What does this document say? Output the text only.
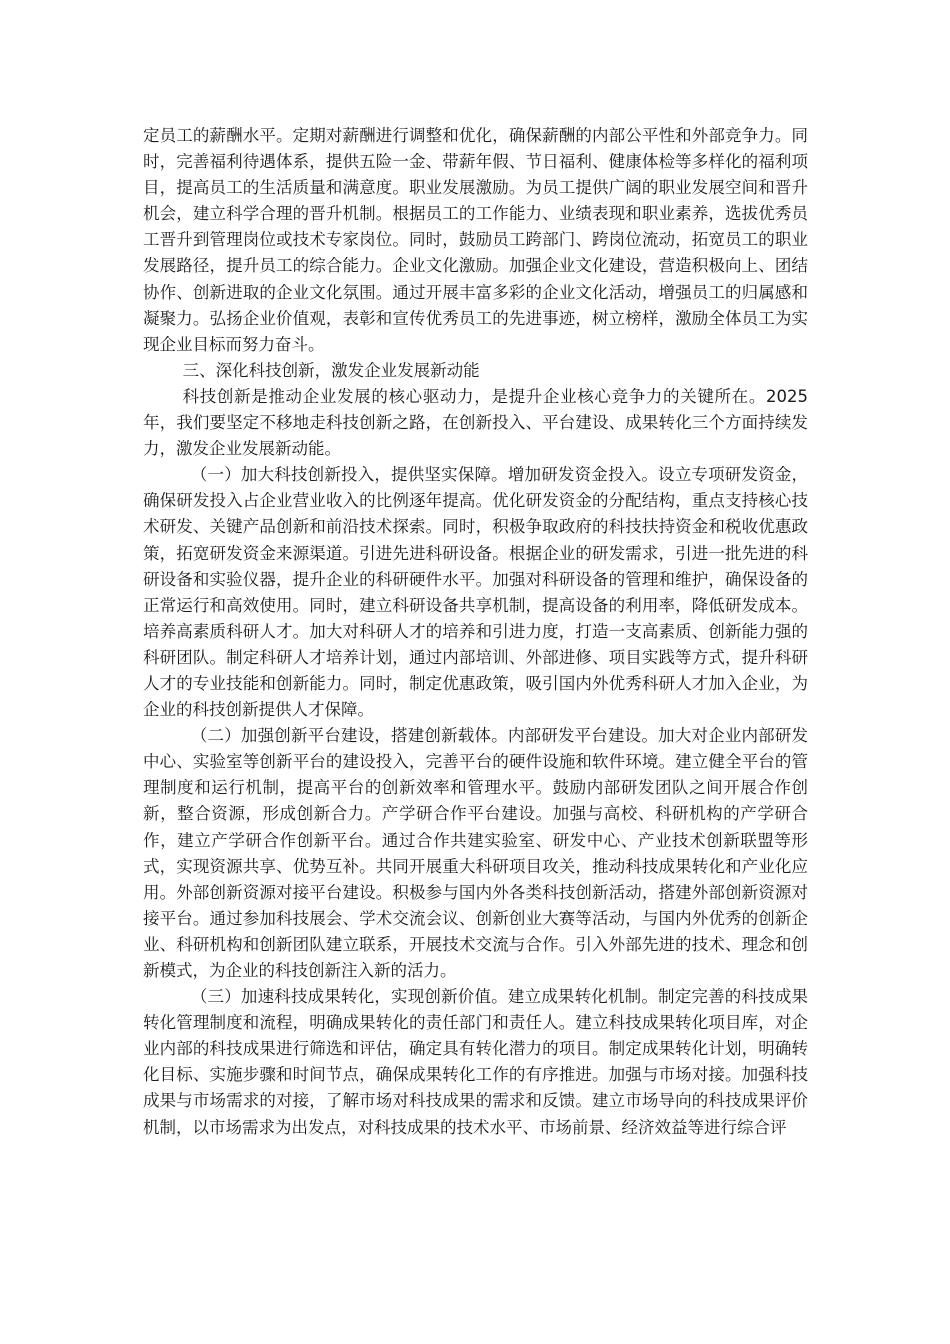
定员工的薪酬水平。定期对薪酬进行调整和优化，确保薪酬的内部公平性和外部竞争力。同时，完善福利待遇体系，提供五险一金、带薪年假、节日福利、健康体检等多样化的福利项目，提高员工的生活质量和满意度。职业发展激励。为员工提供广阔的职业发展空间和晋升机会，建立科学合理的晋升机制。根据员工的工作能力、业绩表现和职业素养，选拔优秀员工晋升到管理岗位或技术专家岗位。同时，鼓励员工跨部门、跨岗位流动，拓宽员工的职业发展路径，提升员工的综合能力。企业文化激励。加强企业文化建设，营造积极向上、团结协作、创新进取的企业文化氛围。通过开展丰富多彩的企业文化活动，增强员工的归属感和凝聚力。弘扬企业价值观，表彰和宣传优秀员工的先进事迹，树立榜样，激励全体员工为实现企业目标而努力奋斗。

三、深化科技创新，激发企业发展新动能

科技创新是推动企业发展的核心驱动力，是提升企业核心竞争力的关键所在。2025 年，我们要坚定不移地走科技创新之路，在创新投入、平台建设、成果转化三个方面持续发力，激发企业发展新动能。

（一）加大科技创新投入，提供坚实保障。增加研发资金投入。设立专项研发资金，确保研发投入占企业营业收入的比例逐年提高。优化研发资金的分配结构，重点支持核心技术研发、关键产品创新和前沿技术探索。同时，积极争取政府的科技扶持资金和税收优惠政策，拓宽研发资金来源渠道。引进先进科研设备。根据企业的研发需求，引进一批先进的科研设备和实验仪器，提升企业的科研硬件水平。加强对科研设备的管理和维护，确保设备的正常运行和高效使用。同时，建立科研设备共享机制，提高设备的利用率，降低研发成本。培养高素质科研人才。加大对科研人才的培养和引进力度，打造一支高素质、创新能力强的科研团队。制定科研人才培养计划，通过内部培训、外部进修、项目实践等方式，提升科研人才的专业技能和创新能力。同时，制定优惠政策，吸引国内外优秀科研人才加入企业，为企业的科技创新提供人才保障。

（二）加强创新平台建设，搭建创新载体。内部研发平台建设。加大对企业内部研发中心、实验室等创新平台的建设投入，完善平台的硬件设施和软件环境。建立健全平台的管理制度和运行机制，提高平台的创新效率和管理水平。鼓励内部研发团队之间开展合作创新，整合资源，形成创新合力。产学研合作平台建设。加强与高校、科研机构的产学研合作，建立产学研合作创新平台。通过合作共建实验室、研发中心、产业技术创新联盟等形式，实现资源共享、优势互补。共同开展重大科研项目攻关，推动科技成果转化和产业化应用。外部创新资源对接平台建设。积极参与国内外各类科技创新活动，搭建外部创新资源对接平台。通过参加科技展会、学术交流会议、创新创业大赛等活动，与国内外优秀的创新企业、科研机构和创新团队建立联系，开展技术交流与合作。引入外部先进的技术、理念和创新模式，为企业的科技创新注入新的活力。

（三）加速科技成果转化，实现创新价值。建立成果转化机制。制定完善的科技成果转化管理制度和流程，明确成果转化的责任部门和责任人。建立科技成果转化项目库，对企业内部的科技成果进行筛选和评估，确定具有转化潜力的项目。制定成果转化计划，明确转化目标、实施步骤和时间节点，确保成果转化工作的有序推进。加强与市场对接。加强科技成果与市场需求的对接，了解市场对科技成果的需求和反馈。建立市场导向的科技成果评价机制，以市场需求为出发点，对科技成果的技术水平、市场前景、经济效益等进行综合评
